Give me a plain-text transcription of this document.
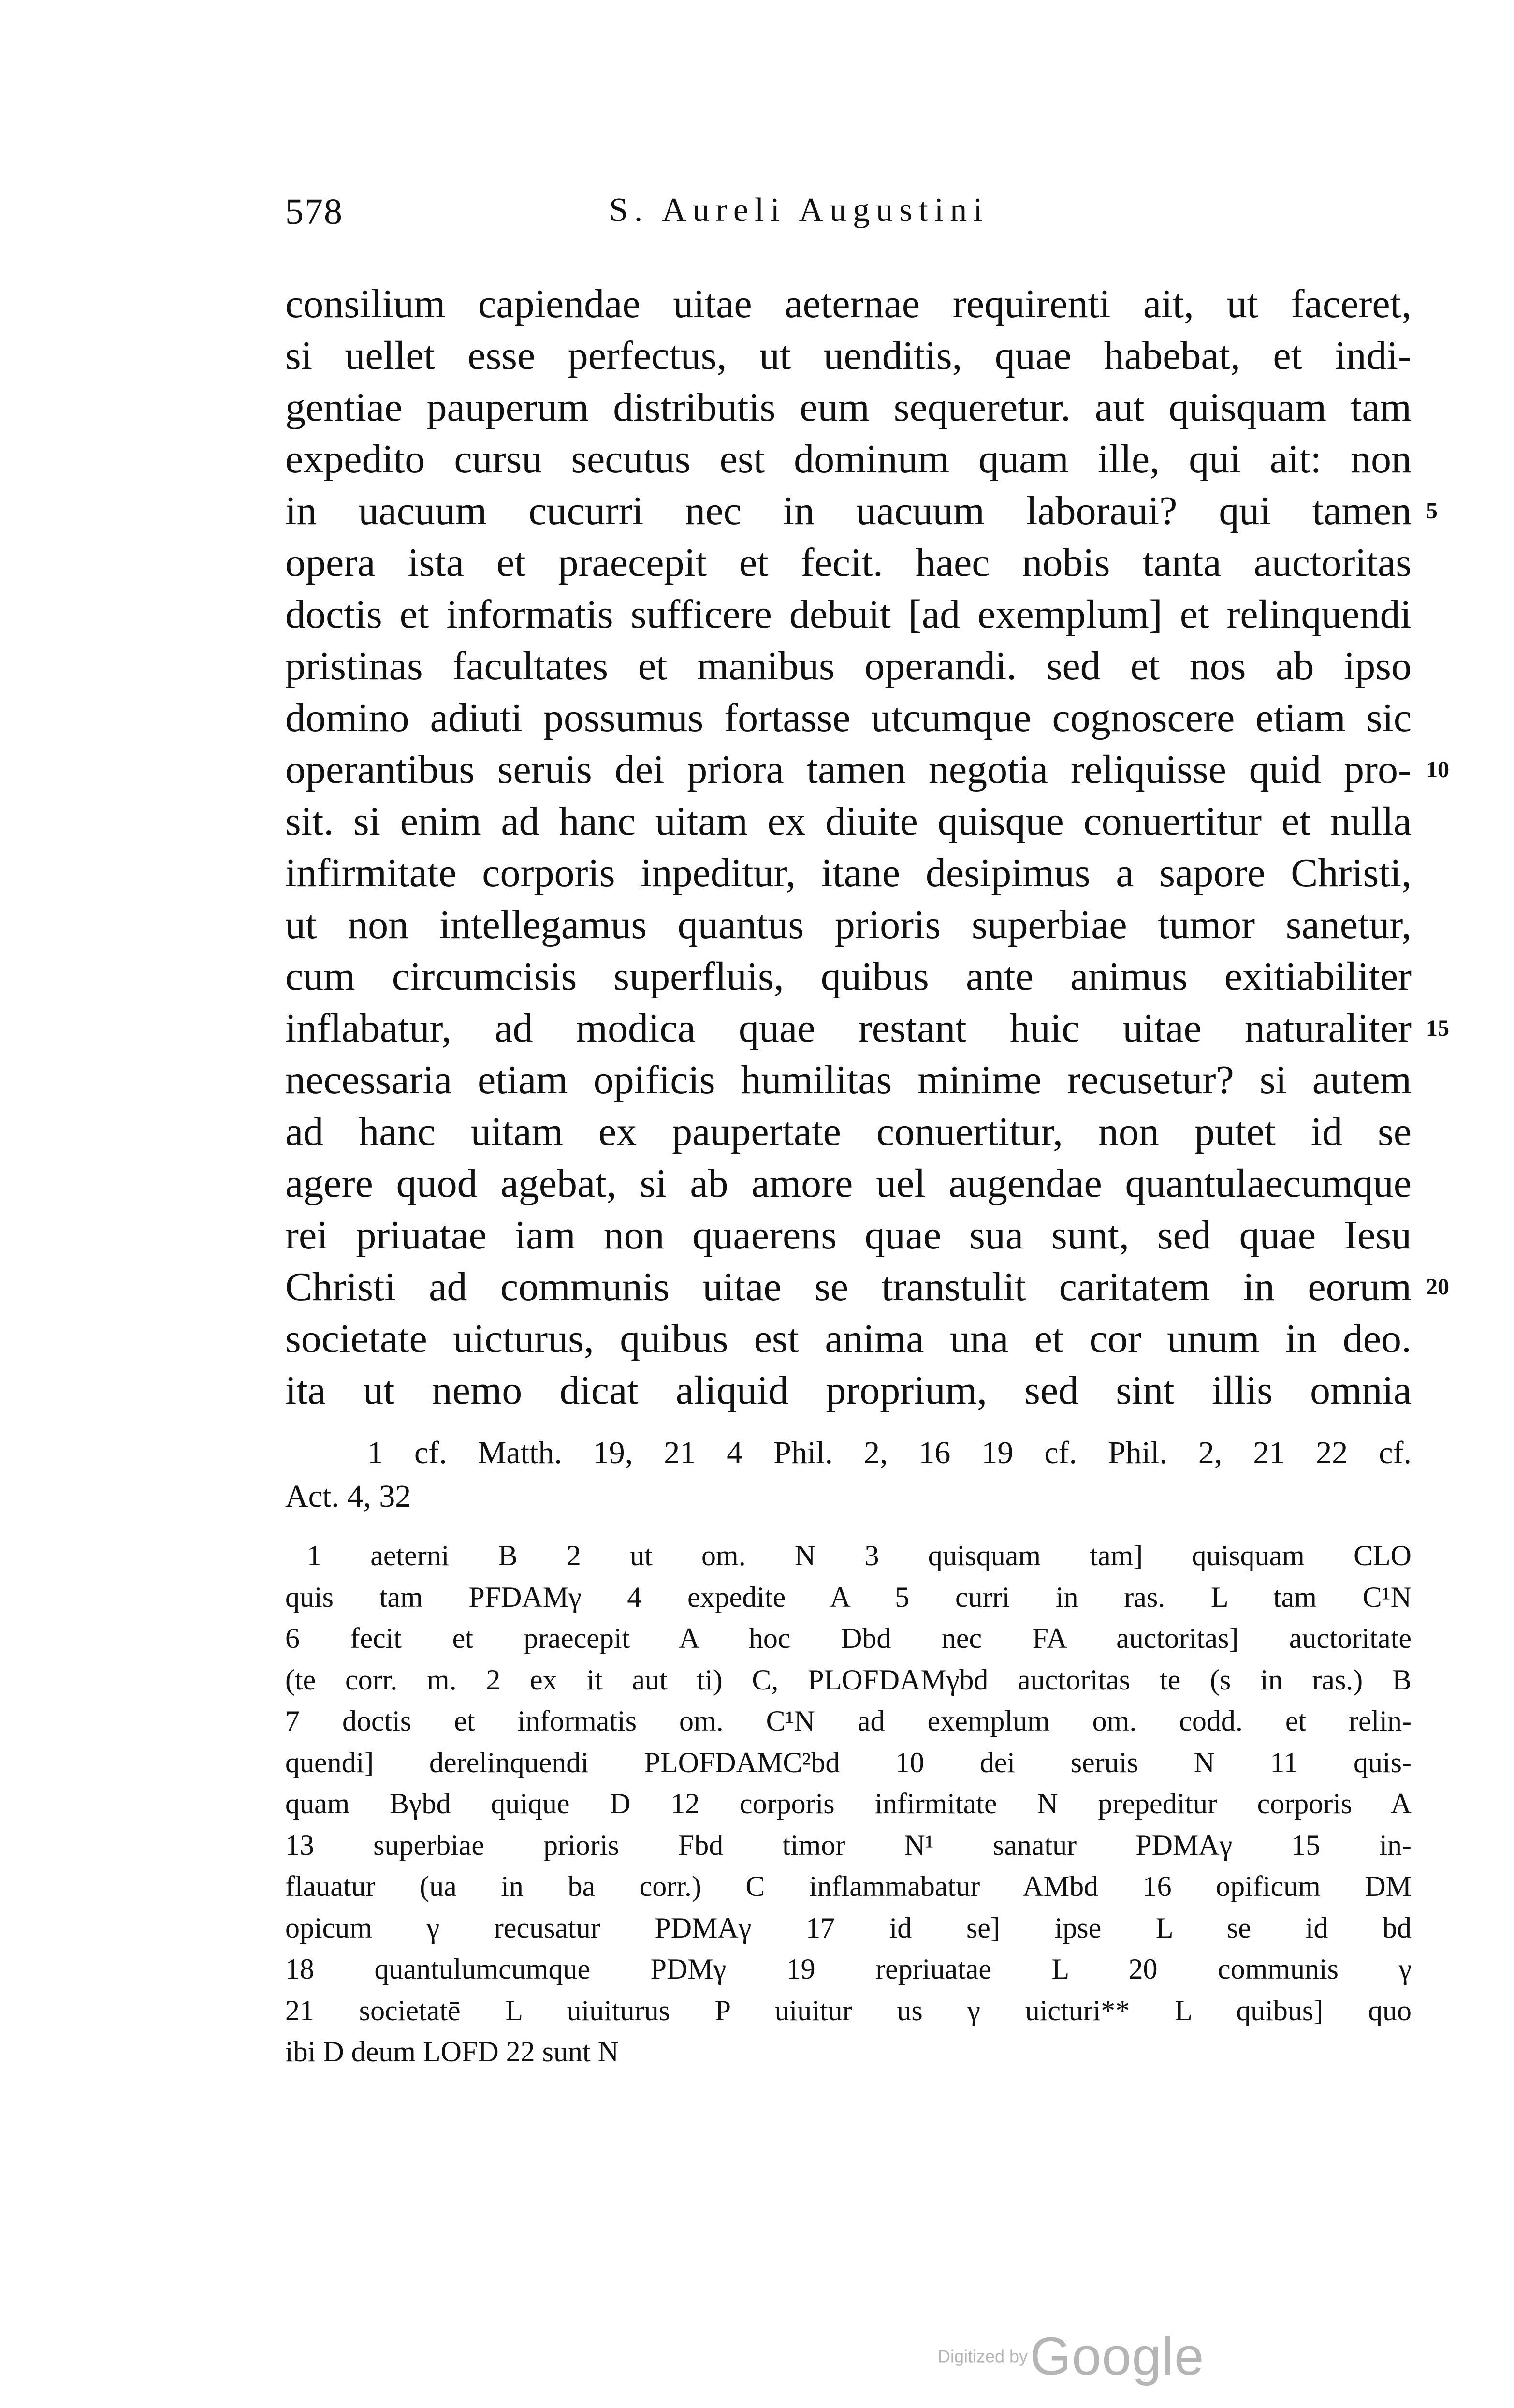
578	S. Aureli Augustini
consilium capiendae uitae aeternae requirenti ait, ut faceret,
si uellet esse perfectus, ut uenditis, quae habebat, et indi-
gentiae pauperum distributis eum sequeretur. aut quisquam tam
expedito cursu secutus est dominum quam ille, qui ait: non
in uacuum cucurri nec in uacuum laboraui? qui tamen 5
opera ista et praecepit et fecit. haec nobis tanta auctoritas
doctis et informatis sufficere debuit [ad exemplum] et relinquendi
pristinas facultates et manibus operandi. sed et nos ab ipso
domino adiuti possumus fortasse utcumque cognoscere etiam sic
operantibus seruis dei priora tamen negotia reliquisse quid pro- 10
sit. si enim ad hanc uitam ex diuite quisque conuertitur et nulla
infirmitate corporis inpeditur, itane desipimus a sapore Christi,
ut non intellegamus quantus prioris superbiae tumor sanetur,
cum circumcisis superfluis, quibus ante animus exitiabiliter
inflabatur, ad modica quae restant huic uitae naturaliter 15
necessaria etiam opificis humilitas minime recusetur? si autem
ad hanc uitam ex paupertate conuertitur, non putet id se
agere quod agebat, si ab amore uel augendae quantulaecumque
rei priuatae iam non quaerens quae sua sunt, sed quae Iesu
Christi ad communis uitae se transtulit caritatem in eorum 20
societate uicturus, quibus est anima una et cor unum in deo.
ita ut nemo dicat aliquid proprium, sed sint illis omnia
1 cf. Matth. 19, 21 4 Phil. 2, 16 19 cf. Phil. 2, 21 22 cf.
Act. 4, 32
1 aeterni B 2 ut om. N 3 quisquam tam] quisquam CLO
quis tam PFDAMγ 4 expedite A 5 curri in ras. L tam C¹N
6 fecit et praecepit A hoc Dbd nec FA auctoritas] auctoritate
(te corr. m. 2 ex it aut ti) C, PLOFDAMγbd auctoritas te (s in ras.) B
7 doctis et informatis om. C¹N ad exemplum om. codd. et relin-
quendi] derelinquendi PLOFDAMC²bd 10 dei seruis N 11 quis-
quam Bγbd quique D 12 corporis infirmitate N prepeditur corporis A
13 superbiae prioris Fbd timor N¹ sanatur PDMAγ 15 in-
flauatur (ua in ba corr.) C inflammabatur AMbd 16 opificum DM
opicum γ recusatur PDMAγ 17 id se] ipse L se id bd
18 quantulumcumque PDMγ 19 repriuatae L 20 communis γ
21 societatē L uiuiturus P uiuitur us γ uicturi** L quibus] quo
ibi D deum LOFD 22 sunt N
Digitized by Google
